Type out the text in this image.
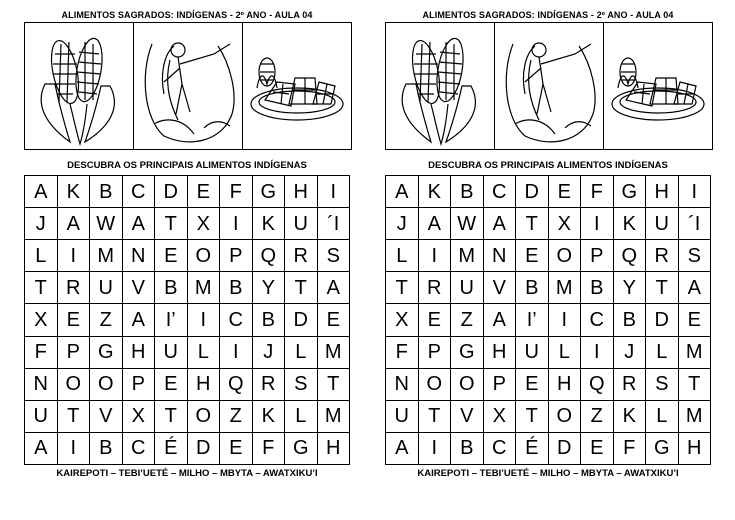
ALIMENTOS SAGRADOS: INDÍGENAS - 2º ANO - AULA 04
DESCUBRA OS PRINCIPAIS ALIMENTOS INDÍGENAS
A K B C D E F G H	I
J	A W A T X	I	K U ´I
L	I	M N E O P Q R S
T R U V B M B Y T A
X E Z A	I’	I	C B D E
F P G H U L	I	J	L M
N O O P E H Q R S T
U T V X T O Z K	L M
A	I	B C É D E F G H
KAIREPOTI – TEBI’UETÉ – MILHO – MBYTA – AWATXIKU’I
ALIMENTOS SAGRADOS: INDÍGENAS - 2º ANO - AULA 04
DESCUBRA OS PRINCIPAIS ALIMENTOS INDÍGENAS
A K B C D E F G H	I
J	A W A T X	I	K U ´I
L	I	M N E O P Q R S
T R U V B M B Y T A
X E Z A	I’	I	C B D E
F P G H U L	I	J	L M
N O O P E H Q R S T
U T V X T O Z K	L M
A	I	B C É D E F G H
KAIREPOTI – TEBI’UETÉ – MILHO – MBYTA – AWATXIKU’I
